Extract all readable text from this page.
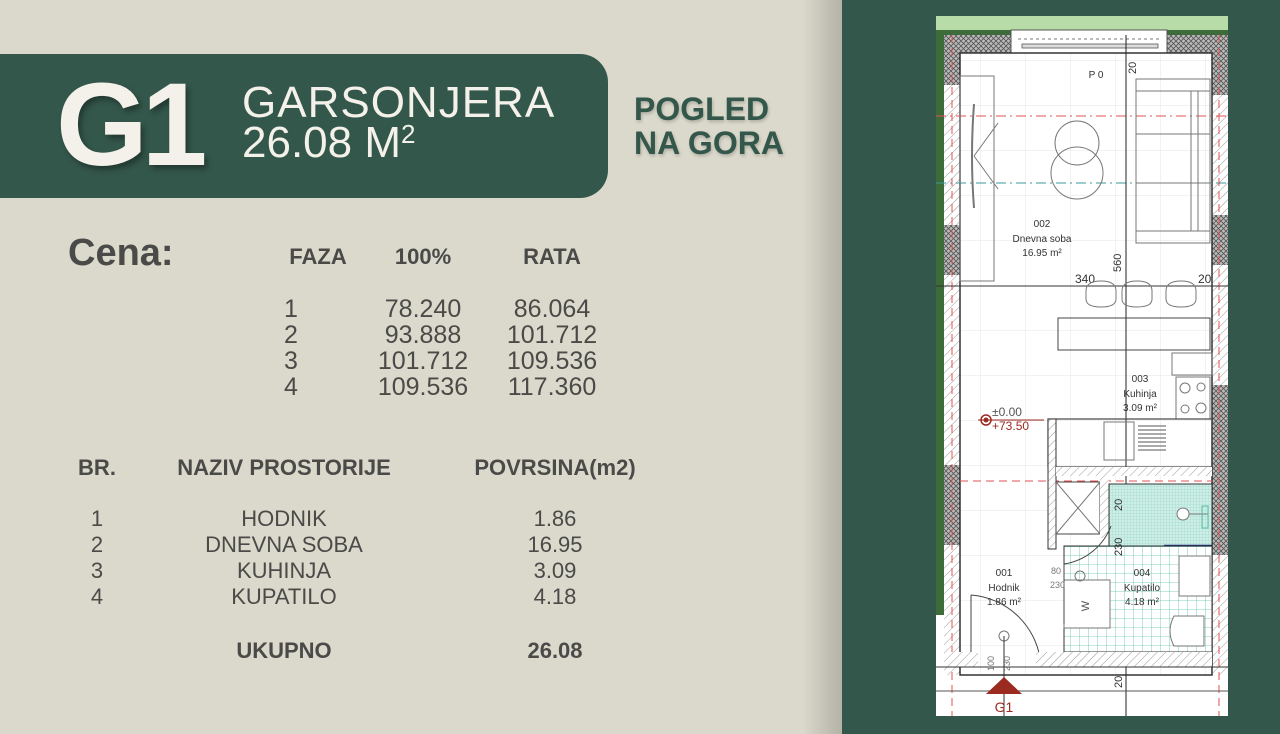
G1 GARSONJERA
26.08 $M^2$
POGLED
NA GORA
Cena:	FAZA	100%	RATA
1	78.240	86.064
2	93.888	101.712
3	101.712	109.536
4	109.536	117.360
BR.	NAZIV PROSTORIJE	POVRSINA(m2)
1	HODNIK	1.86
2	DNEVNA SOBA	16.95
3	KUHINJA	3.09
4	KUPATILO	4.18
UKUPNO	26.08
P 0
002
Dnevna soba
16.95 m²
560
340	20
20
003
Kuhinja
3.09 m²
±0.00
+73.50
W
80
230
20
230
004
Kupatilo
4.18 m²
001
Hodnik
1.86 m²
100 230
20
G1
